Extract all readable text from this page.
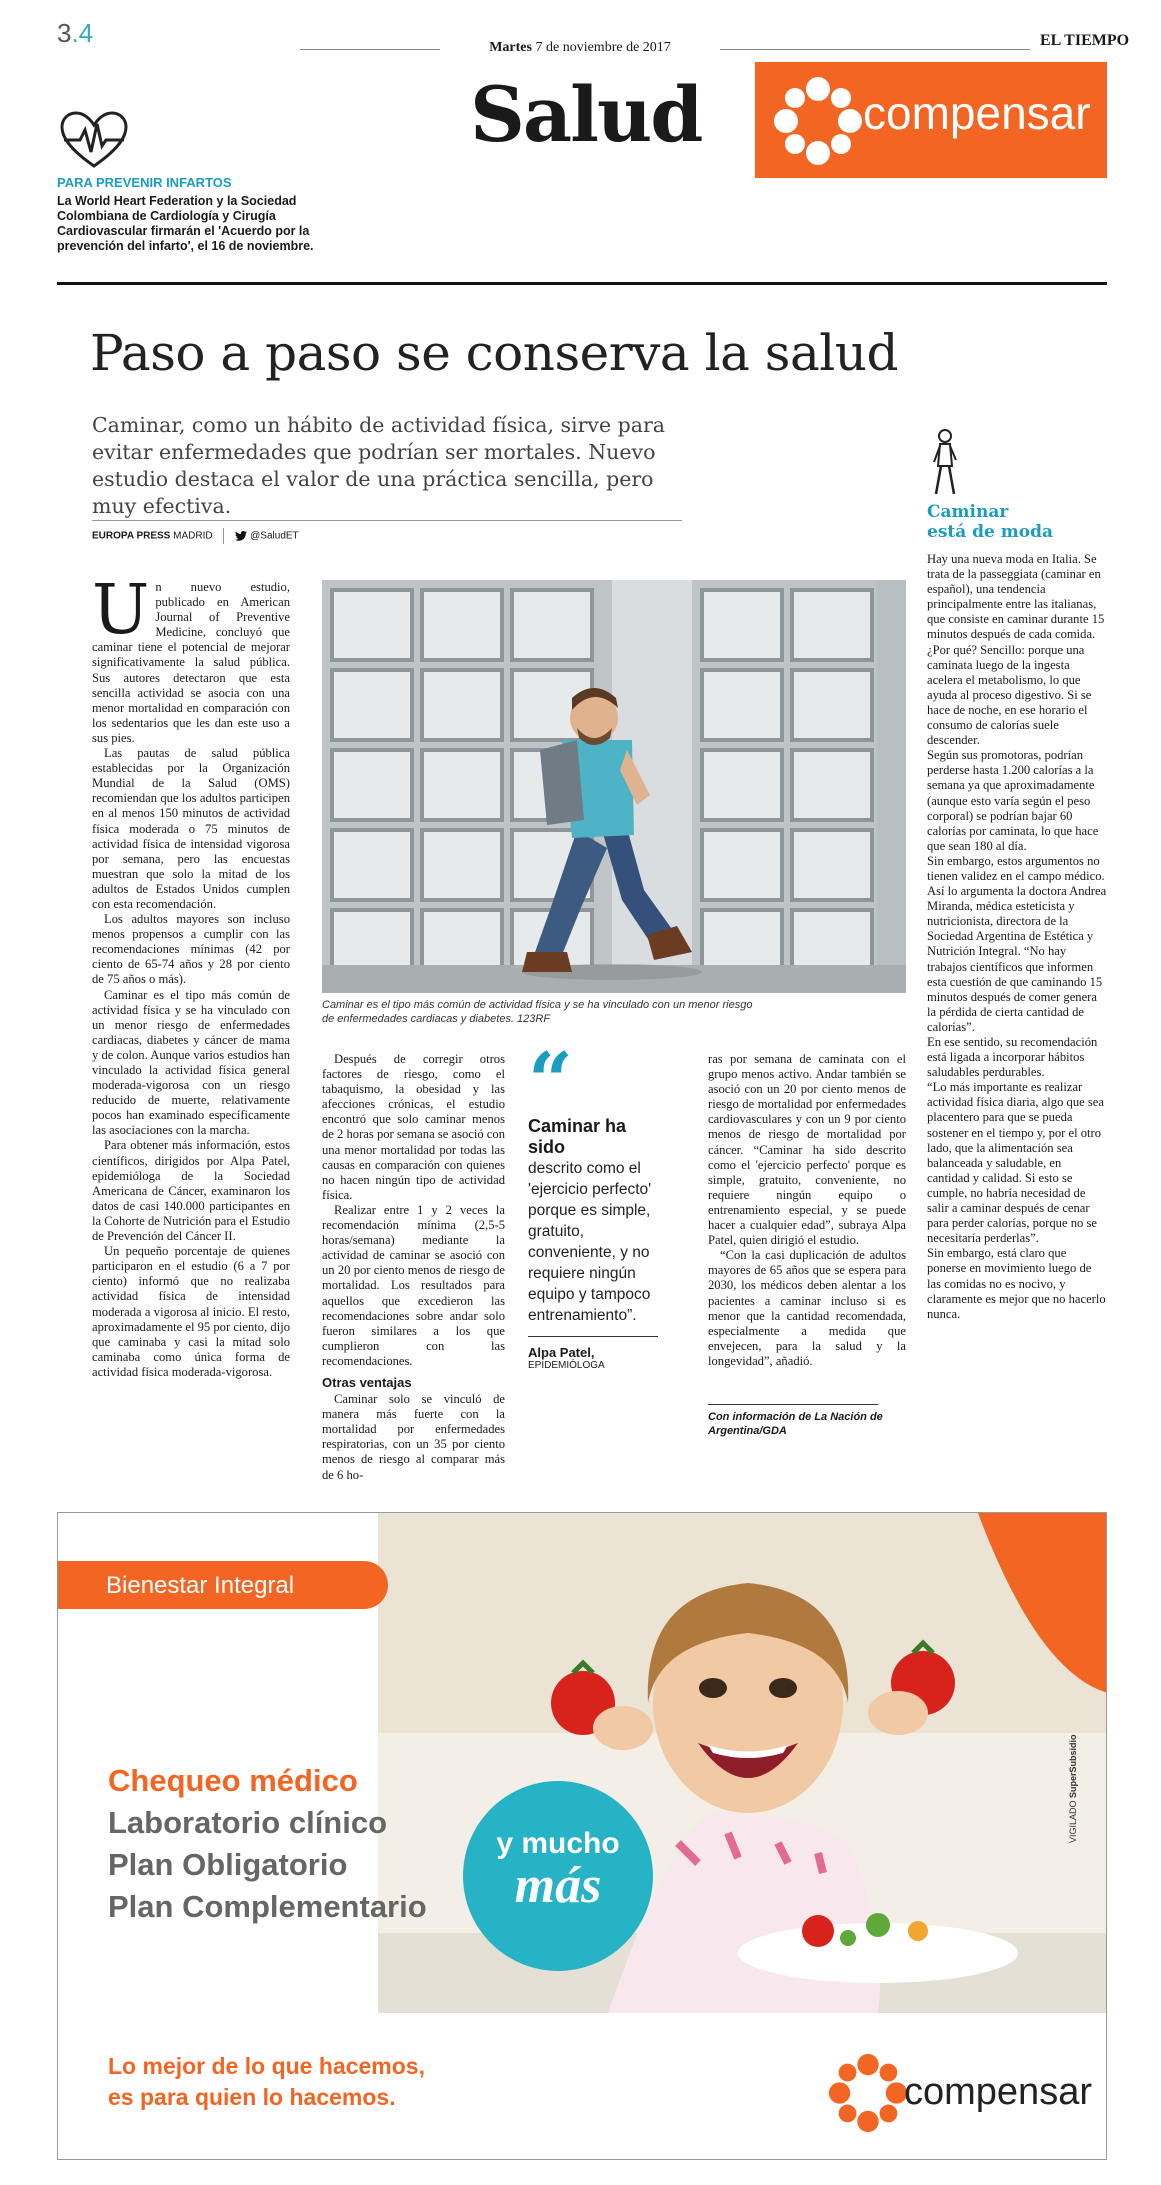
3.4	Martes 7 de noviembre de 2017	EL TIEMPO
Salud	compensar
PARA PREVENIR INFARTOS
La World Heart Federation y la Sociedad Colombiana de Cardiología y Cirugía Cardiovascular firmarán el 'Acuerdo por la prevención del infarto', el 16 de noviembre.
Paso a paso se conserva la salud
Caminar, como un hábito de actividad física, sirve para evitar enfermedades que podrían ser mortales. Nuevo estudio destaca el valor de una práctica sencilla, pero muy efectiva.
EUROPA PRESS MADRID	@SaludET

Un nuevo estudio, publicado en American Journal of Preventive Medicine, concluyó que caminar tiene el potencial de mejorar significativamente la salud pública. Sus autores detectaron que esta sencilla actividad se asocia con una menor mortalidad en comparación con los sedentarios que les dan este uso a sus pies.

Las pautas de salud pública establecidas por la Organización Mundial de la Salud (OMS) recomiendan que los adultos participen en al menos 150 minutos de actividad física moderada o 75 minutos de actividad física de intensidad vigorosa por semana, pero las encuestas muestran que solo la mitad de los adultos de Estados Unidos cumplen con esta recomendación.

Los adultos mayores son incluso menos propensos a cumplir con las recomendaciones mínimas (42 por ciento de 65-74 años y 28 por ciento de 75 años o más).

Caminar es el tipo más común de actividad física y se ha vinculado con un menor riesgo de enfermedades cardiacas, diabetes y cáncer de mama y de colon. Aunque varios estudios han vinculado la actividad física general moderada-vigorosa con un riesgo reducido de muerte, relativamente pocos han examinado específicamente las asociaciones con la marcha.

Para obtener más información, estos científicos, dirigidos por Alpa Patel, epidemióloga de la Sociedad Americana de Cáncer, examinaron los datos de casi 140.000 participantes en la Cohorte de Nutrición para el Estudio de Prevención del Cáncer II.

Un pequeño porcentaje de quienes participaron en el estudio (6 a 7 por ciento) informó que no realizaba actividad física de intensidad moderada a vigorosa al inicio. El resto, aproximadamente el 95 por ciento, dijo que caminaba y casi la mitad solo caminaba como única forma de actividad física moderada-vigorosa.

Caminar es el tipo más común de actividad física y se ha vinculado con un menor riesgo de enfermedades cardiacas y diabetes. 123RF

Después de corregir otros factores de riesgo, como el tabaquismo, la obesidad y las afecciones crónicas, el estudio encontró que solo caminar menos de 2 horas por semana se asoció con una menor mortalidad por todas las causas en comparación con quienes no hacen ningún tipo de actividad física.

Realizar entre 1 y 2 veces la recomendación mínima (2,5-5 horas/semana) mediante la actividad de caminar se asoció con un 20 por ciento menos de riesgo de mortalidad. Los resultados para aquellos que excedieron las recomendaciones sobre andar solo fueron similares a los que cumplieron con las recomendaciones.

Otras ventajas

Caminar solo se vinculó de manera más fuerte con la mortalidad por enfermedades respiratorias, con un 35 por ciento menos de riesgo al comparar más de 6 ho-

“
Caminar ha sido
descrito como el 'ejercicio perfecto' porque es simple, gratuito, conveniente, y no requiere ningún equipo y tampoco entrenamiento”.
Alpa Patel,
EPIDEMIÓLOGA

ras por semana de caminata con el grupo menos activo. Andar también se asoció con un 20 por ciento menos de riesgo de mortalidad por enfermedades cardiovasculares y con un 9 por ciento menos de riesgo de mortalidad por cáncer. “Caminar ha sido descrito como el 'ejercicio perfecto' porque es simple, gratuito, conveniente, no requiere ningún equipo o entrenamiento especial, y se puede hacer a cualquier edad”, subraya Alpa Patel, quien dirigió el estudio.

“Con la casi duplicación de adultos mayores de 65 años que se espera para 2030, los médicos deben alentar a los pacientes a caminar incluso si es menor que la cantidad recomendada, especialmente a medida que envejecen, para la salud y la longevidad”, añadió.

Con información de La Nación de Argentina/GDA
Caminar
está de moda

Hay una nueva moda en Italia. Se trata de la passeggiata (caminar en español), una tendencia principalmente entre las italianas, que consiste en caminar durante 15 minutos después de cada comida. ¿Por qué? Sencillo: porque una caminata luego de la ingesta acelera el metabolismo, lo que ayuda al proceso digestivo. Si se hace de noche, en ese horario el consumo de calorías suele descender.

Según sus promotoras, podrían perderse hasta 1.200 calorías a la semana ya que aproximadamente (aunque esto varía según el peso corporal) se podrían bajar 60 calorías por caminata, lo que hace que sean 180 al día.

Sin embargo, estos argumentos no tienen validez en el campo médico.

Así lo argumenta la doctora Andrea Miranda, médica esteticista y nutricionista, directora de la Sociedad Argentina de Estética y Nutrición Integral. “No hay trabajos científicos que informen esta cuestión de que caminando 15 minutos después de comer genera la pérdida de cierta cantidad de calorías”.

En ese sentido, su recomendación está ligada a incorporar hábitos saludables perdurables.

“Lo más importante es realizar actividad física diaria, algo que sea placentero para que se pueda sostener en el tiempo y, por el otro lado, que la alimentación sea balanceada y saludable, en cantidad y calidad. Si esto se cumple, no habría necesidad de salir a caminar después de cenar para perder calorías, porque no se necesitaría perderlas”.

Sin embargo, está claro que ponerse en movimiento luego de las comidas no es nocivo, y claramente es mejor que no hacerlo nunca.

Bienestar Integral
Chequeo médico
Laboratorio clínico
Plan Obligatorio
Plan Complementario
y mucho
más
VIGILADO SuperSubsidio
Lo mejor de lo que hacemos,
es para quien lo hacemos.	compensar
